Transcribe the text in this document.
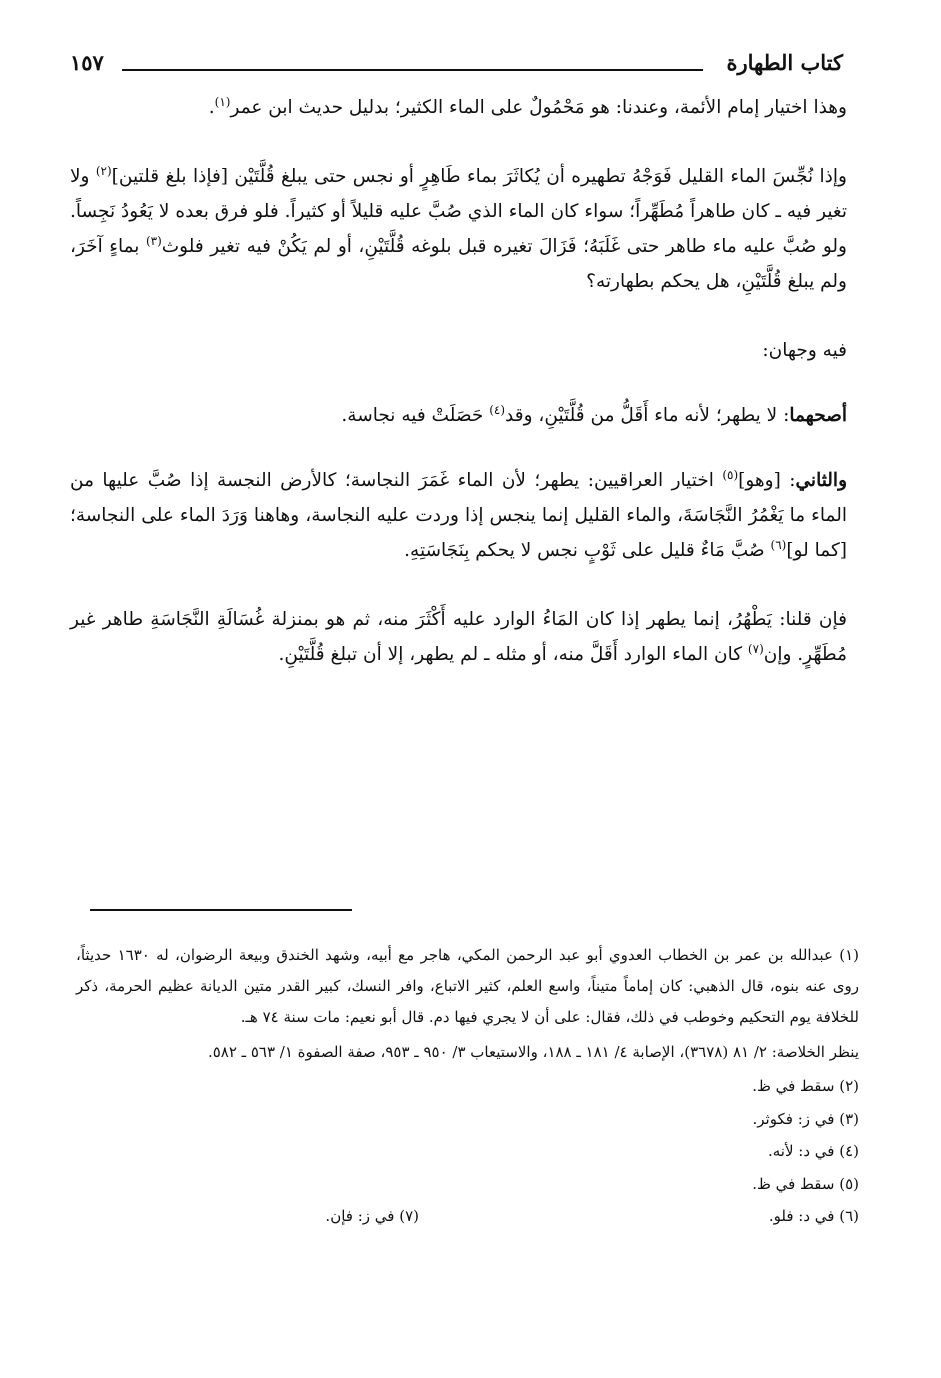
كتاب الطهارة
١٥٧

وهذا اختيار إمام الأئمة، وعندنا: هو مَحْمُولٌ على الماء الكثير؛ بدليل حديث ابن عمر$^{(١)}$.

وإذا نُجِّسَ الماء القليل فَوَجْهُ تطهيره أن يُكاثَرَ بماء طَاهِرٍ أو نجس حتى يبلغ قُلَّتَيْن [فإذا بلغ قلتين]$^{(٢)}$ ولا تغير فيه ـ كان طاهراً مُطَهِّراً؛ سواء كان الماء الذي صُبَّ عليه قليلاً أو كثيراً. فلو فرق بعده لا يَعُودُ نَجِساً. ولو صُبَّ عليه ماء طاهر حتى غَلَبَهُ؛ فَزَالَ تغيره قبل بلوغه قُلَّتَيْنِ، أو لم يَكُنْ فيه تغير فلوث$^{(٣)}$ بماءٍ آخَرَ، ولم يبلغ قُلَّتَيْنِ، هل يحكم بطهارته؟

فيه وجهان:

أصحهما: لا يطهر؛ لأنه ماء أَقَلُّ من قُلَّتَيْنِ، وقد$^{(٤)}$ حَصَلَتْ فيه نجاسة.

والثاني: [وهو]$^{(٥)}$ اختيار العراقيين: يطهر؛ لأن الماء غَمَرَ النجاسة؛ كالأرض النجسة إذا صُبَّ عليها من الماء ما يَغْمُرُ النَّجَاسَةَ، والماء القليل إنما ينجس إذا وردت عليه النجاسة، وهاهنا وَرَدَ الماء على النجاسة؛ [كما لو]$^{(٦)}$ صُبَّ مَاءٌ قليل على ثَوْبٍ نجس لا يحكم بِنَجَاسَتِهِ.

فإن قلنا: يَطْهُرُ، إنما يطهر إذا كان المَاءُ الوارد عليه أَكْثَرَ منه، ثم هو بمنزلة غُسَالَةِ النَّجَاسَةِ طاهر غير مُطَهِّرٍ. وإن$^{(٧)}$ كان الماء الوارد أَقَلَّ منه، أو مثله ـ لم يطهر، إلا أن تبلغ قُلَّتَيْنِ.

(١) عبدالله بن عمر بن الخطاب العدوي أبو عبد الرحمن المكي، هاجر مع أبيه، وشهد الخندق وبيعة الرضوان، له ١٦٣٠ حديثاً، روى عنه بنوه، قال الذهبي: كان إماماً متيناً، واسع العلم، كثير الاتباع، وافر النسك، كبير القدر متين الديانة عظيم الحرمة، ذكر للخلافة يوم التحكيم وخوطب في ذلك، فقال: على أن لا يجري فيها دم. قال أبو نعيم: مات سنة ٧٤ هـ.

ينظر الخلاصة: ٢/ ٨١ (٣٦٧٨)، الإصابة ٤/ ١٨١ ـ ١٨٨، والاستيعاب ٣/ ٩٥٠ ـ ٩٥٣، صفة الصفوة ١/ ٥٦٣ ـ ٥٨٢.

(٢) سقط في ظ.

(٣) في ز: فكوثر.

(٤) في د: لأنه.

(٥) سقط في ظ.

(٦) في د: فلو.

(٧) في ز: فإن.
